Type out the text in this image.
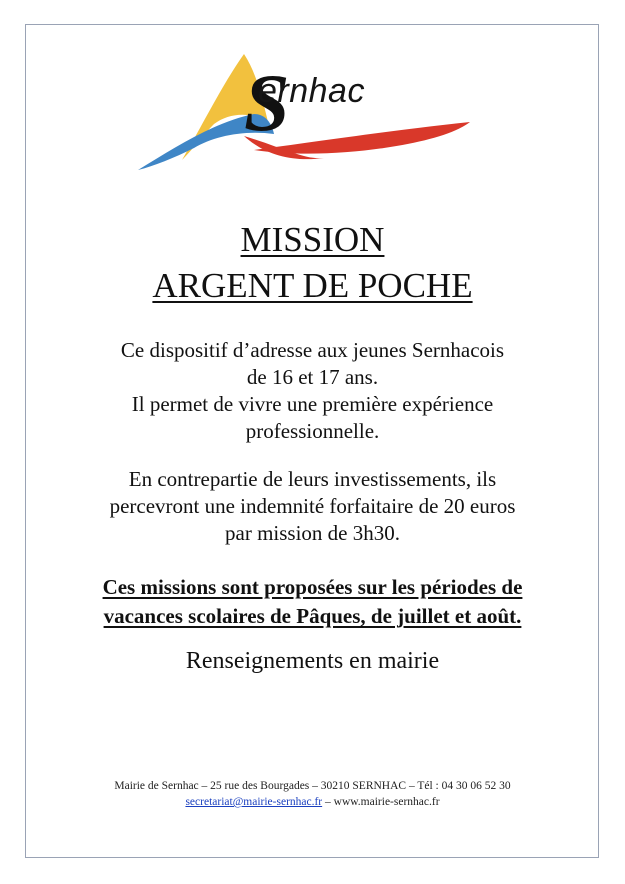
S
ernhac
MISSION
ARGENT DE POCHE
Ce dispositif d’adresse aux jeunes Sernhacois
de 16 et 17 ans.
Il permet de vivre une première expérience
professionnelle.
En contrepartie de leurs investissements, ils
percevront une indemnité forfaitaire de 20 euros
par mission de 3h30.
Ces missions sont proposées sur les périodes de
vacances scolaires de Pâques, de juillet et août.
Renseignements en mairie
Mairie de Sernhac – 25 rue des Bourgades – 30210 SERNHAC – Tél : 04 30 06 52 30
secretariat@mairie-sernhac.fr – www.mairie-sernhac.fr
